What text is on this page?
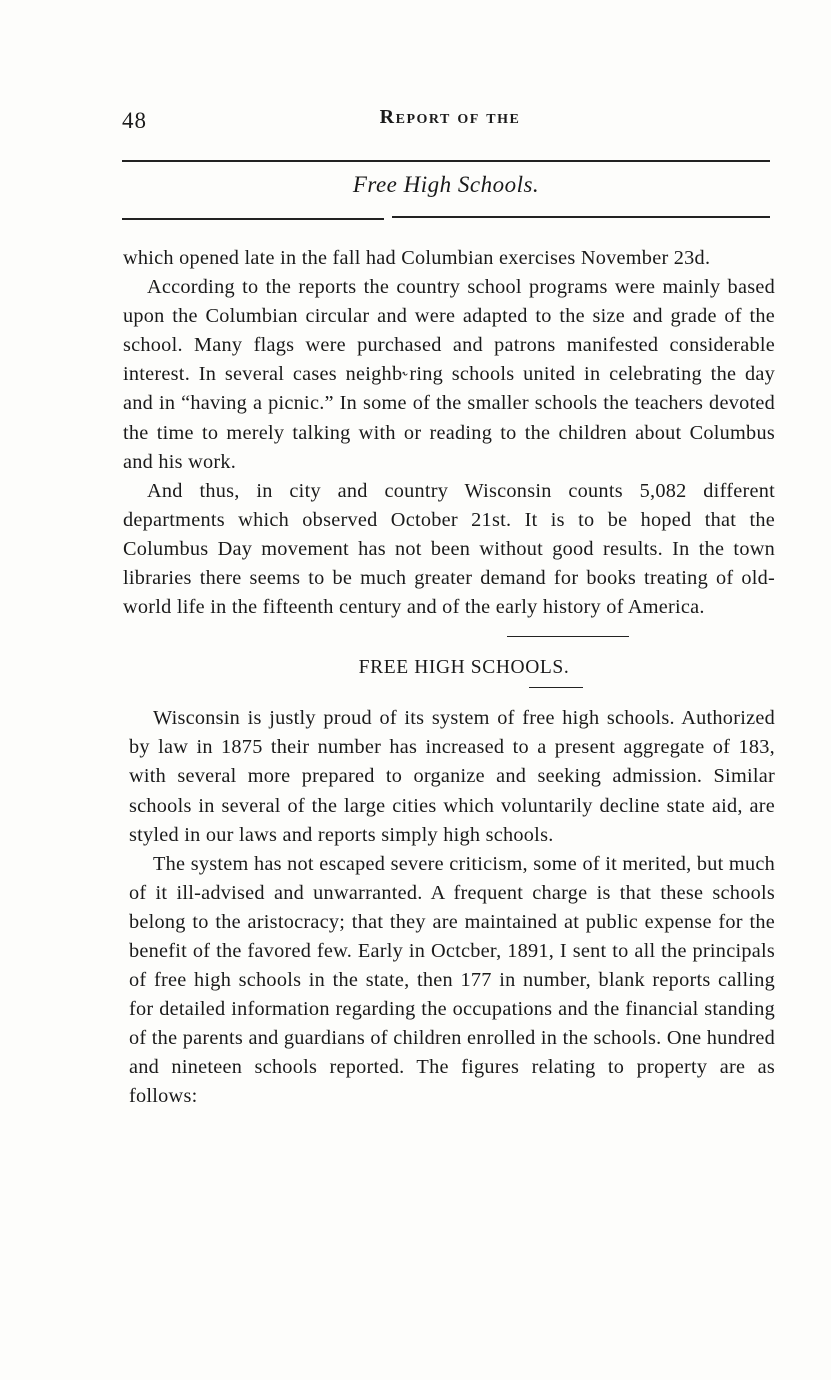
48	Report of the
Free High Schools.

which opened late in the fall had Columbian exercises November 23d.

According to the reports the country school programs were mainly based upon the Columbian circular and were adapted to the size and grade of the school. Many flags were purchased and patrons manifested considerable interest. In several cases neighb˞ring schools united in celebrating the day and in “having a picnic.” In some of the smaller schools the teachers devoted the time to merely talking with or reading to the children about Columbus and his work.

And thus, in city and country Wisconsin counts 5,082 different departments which observed October 21st. It is to be hoped that the Columbus Day movement has not been without good results. In the town libraries there seems to be much greater demand for books treating of old-world life in the fifteenth century and of the early history of America.

FREE HIGH SCHOOLS.

Wisconsin is justly proud of its system of free high schools. Authorized by law in 1875 their number has increased to a present aggregate of 183, with several more prepared to organize and seeking admission. Similar schools in several of the large cities which voluntarily decline state aid, are styled in our laws and reports simply high schools.

The system has not escaped severe criticism, some of it merited, but much of it ill-advised and unwarranted. A frequent charge is that these schools belong to the aristocracy; that they are maintained at public expense for the benefit of the favored few. Early in Octcber, 1891, I sent to all the principals of free high schools in the state, then 177 in number, blank reports calling for detailed information regarding the occupations and the financial standing of the parents and guardians of children enrolled in the schools. One hundred and nineteen schools reported. The figures relating to property are as follows:
